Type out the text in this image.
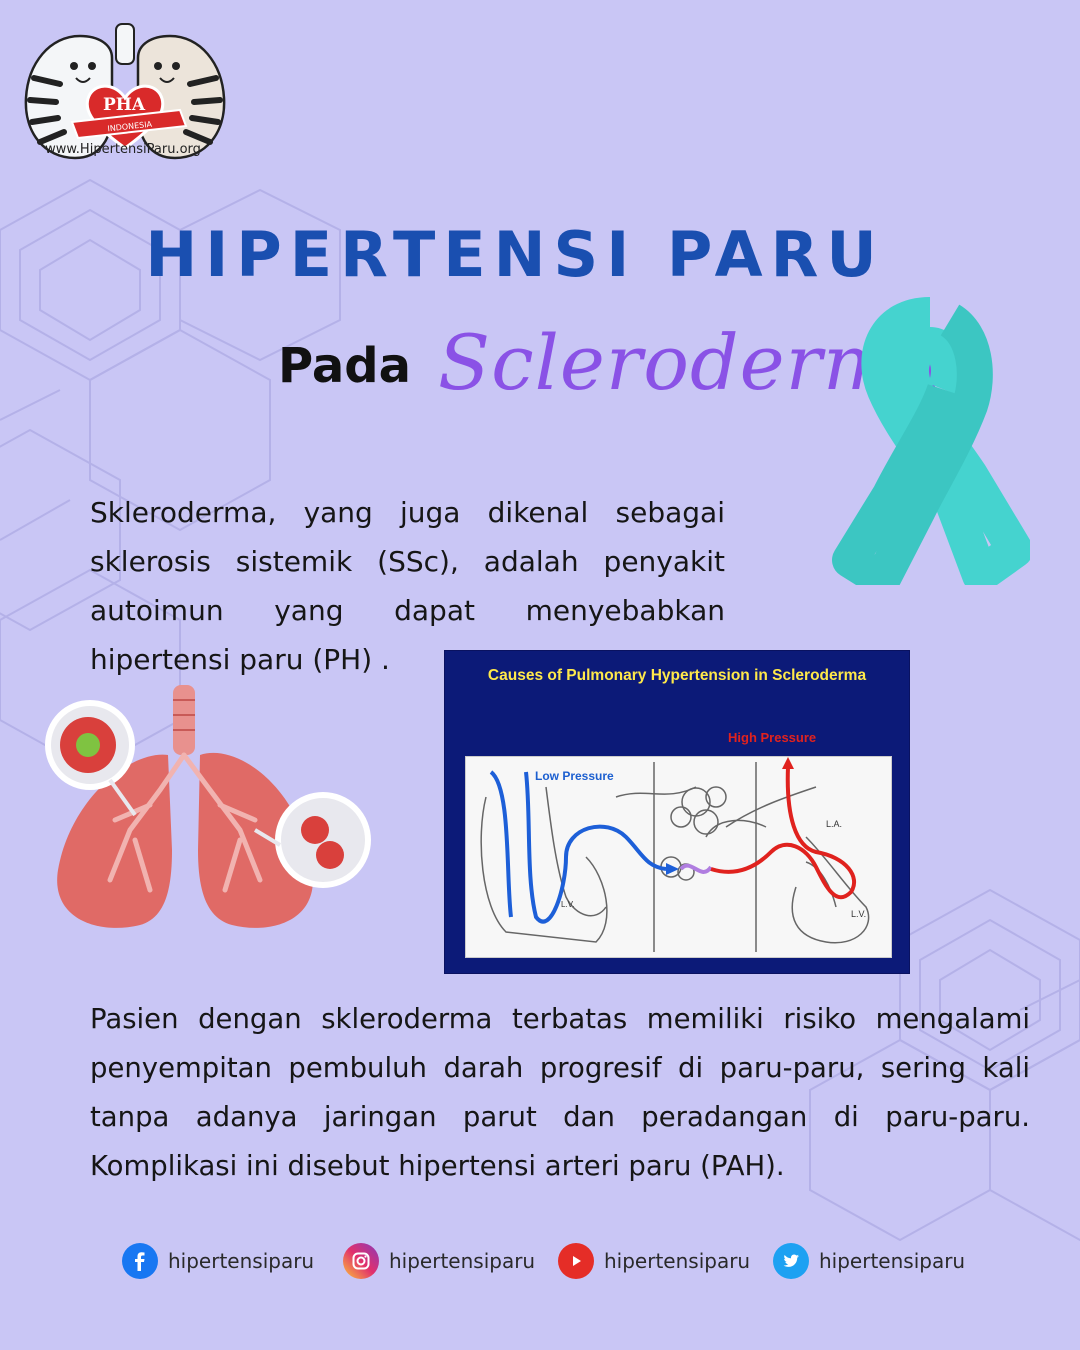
PHA
INDONESIA
www.HipertensiParu.org
HIPERTENSI PARU
Pada Scleroderma
Skleroderma, yang juga dikenal sebagai sklerosis sistemik (SSc), adalah penyakit autoimun yang dapat menyebabkan hipertensi paru (PH) .	Causes of Pulmonary Hypertension in Scleroderma
High Pressure
L.A.
L.V.
L.V.
Low Pressure
Pasien dengan skleroderma terbatas memiliki risiko mengalami penyempitan pembuluh darah progresif di paru-paru, sering kali tanpa adanya jaringan parut dan peradangan di paru-paru. Komplikasi ini disebut hipertensi arteri paru (PAH).
hipertensiparu	hipertensiparu	hipertensiparu	hipertensiparu
